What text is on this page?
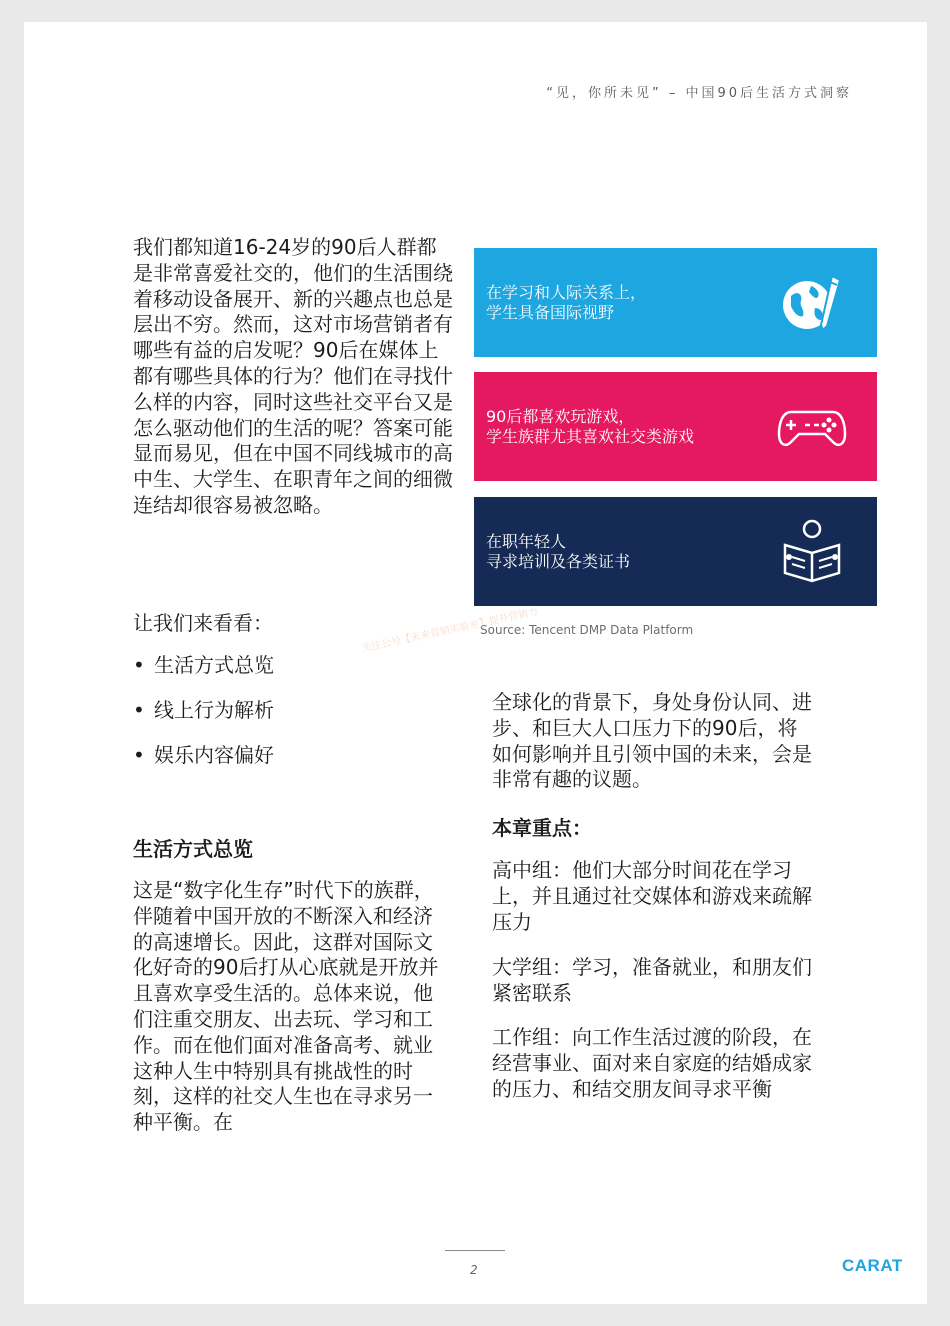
“见，你所未见” – 中国90后生活方式洞察

我们都知道16-24岁的90后人群都是非常喜爱社交的，他们的生活围绕着移动设备展开、新的兴趣点也总是层出不穷。然而，这对市场营销者有哪些有益的启发呢？90后在媒体上都有哪些具体的行为？他们在寻找什么样的内容，同时这些社交平台又是怎么驱动他们的生活的呢？答案可能显而易见，但在中国不同线城市的高中生、大学生、在职青年之间的细微连结却很容易被忽略。

让我们来看看：

• 生活方式总览
• 线上行为解析
• 娱乐内容偏好
生活方式总览

这是“数字化生存”时代下的族群，伴随着中国开放的不断深入和经济的高速增长。因此，这群对国际文化好奇的90后打从心底就是开放并且喜欢享受生活的。总体来说，他们注重交朋友、出去玩、学习和工作。而在他们面对准备高考、就业这种人生中特别具有挑战性的时刻，这样的社交人生也在寻求另一种平衡。在

在学习和人际关系上，
学生具备国际视野
90后都喜欢玩游戏，
学生族群尤其喜欢社交类游戏
在职年轻人
寻求培训及各类证书
Source: Tencent DMP Data Platform
关注公号【未来营销实验室】提升营销力

全球化的背景下，身处身份认同、进步、和巨大人口压力下的90后，将如何影响并且引领中国的未来，会是非常有趣的议题。

本章重点：

高中组：他们大部分时间花在学习上，并且通过社交媒体和游戏来疏解压力

大学组：学习，准备就业，和朋友们紧密联系

工作组：向工作生活过渡的阶段，在经营事业、面对来自家庭的结婚成家的压力、和结交朋友间寻求平衡

2	CARAT
